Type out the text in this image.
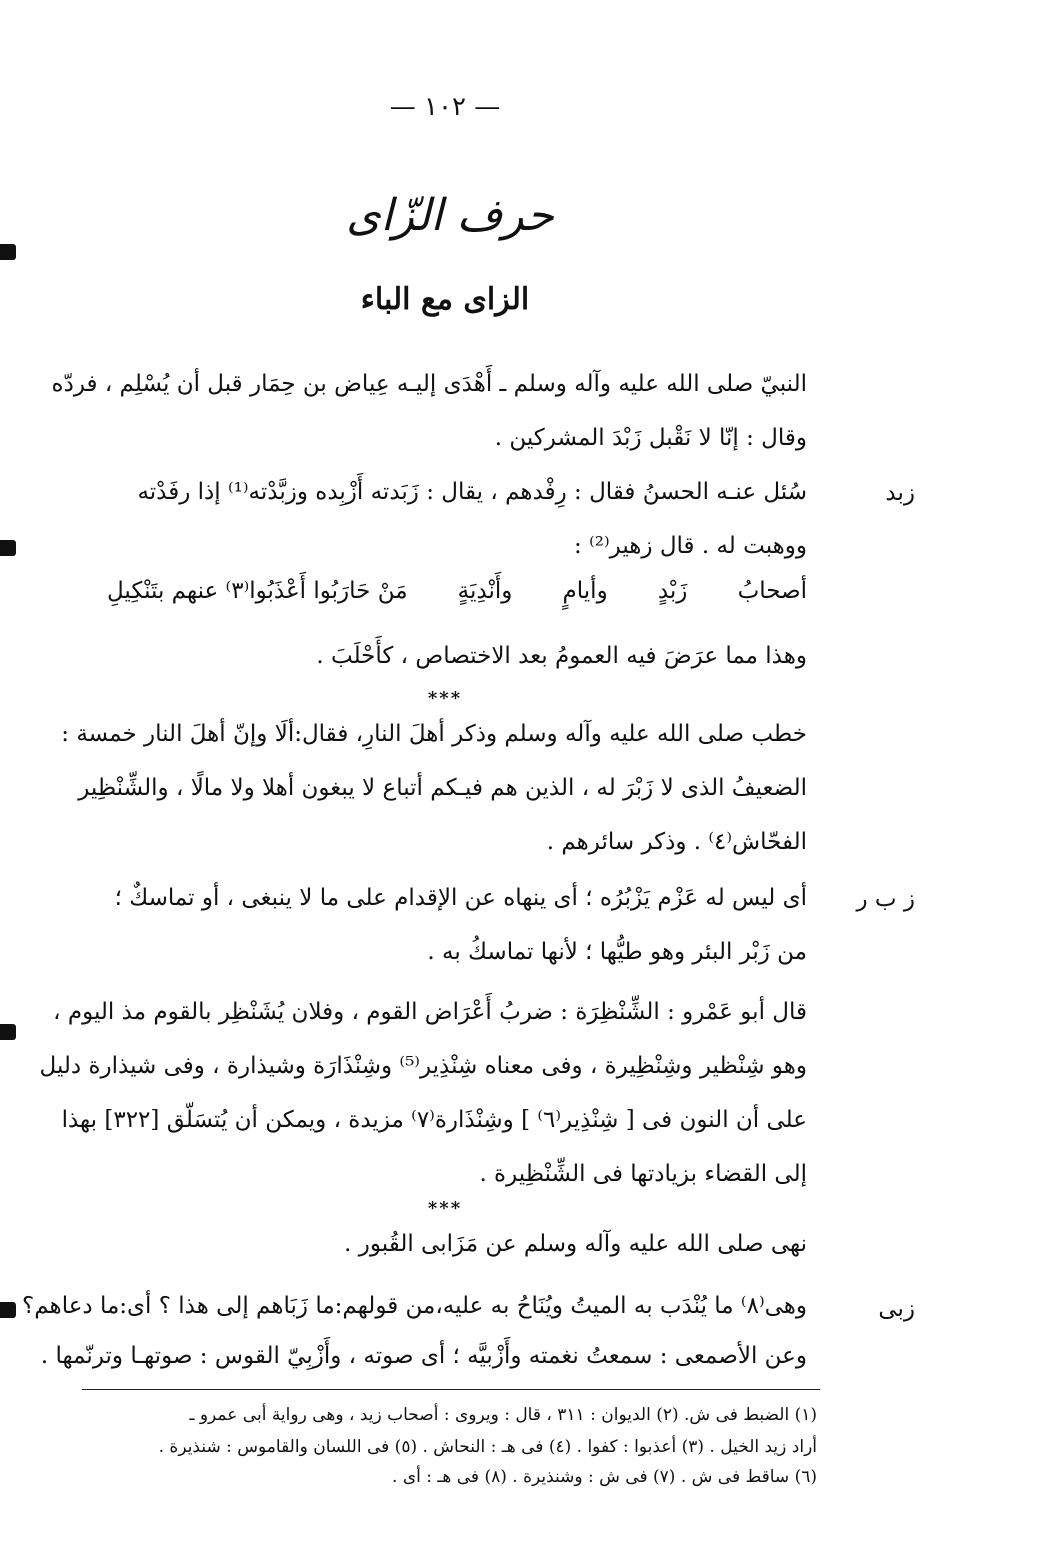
— ١٠٢ —
حرف الزّاى
الزاى مع الباء
النبيّ صلى الله عليه وآله وسلم ـ أَهْدَى إليـه عِياض بن حِمَار قبل أن يُسْلِم ، فردّه
وقال : إنّا لا نَقْبل زَبْدَ المشركين .
زبد
سُئل عنـه الحسنُ فقال : رِفْدهم ، يقال : زَبَدته أَزْبِده وزبَّدْته⁽¹⁾ إذا رفَدْته
ووهبت له . قال زهير⁽²⁾ :
أصحابُ
زَبْدٍ
وأيامٍ
وأَنْدِيَةٍ
مَنْ حَارَبُوا أَعْذَبُوا⁽٣⁾ عنهم بتَنْكِيلِ
وهذا مما عرَضَ فيه العمومُ بعد الاختصاص ، كأَحْلَبَ .
***
خطب صلى الله عليه وآله وسلم وذكر أهلَ النارِ، فقال:ألَا وإنّ أهلَ النار خمسة :
الضعيفُ الذى لا زَبْرَ له ، الذين هم فيـكم أتباع لا يبغون أهلا ولا مالًا ، والشِّنْظِير
الفحّاش⁽٤⁾ . وذكر سائرهم .
ز ب ر
أى ليس له عَزْم يَزْبُرُه ؛ أى ينهاه عن الإقدام على ما لا ينبغى ، أو تماسكٌ ؛
من زَبْر البئر وهو طيُّها ؛ لأنها تماسكُ به .
قال أبو عَمْرو : الشِّنْظِرَة : ضربُ أَعْرَاض القوم ، وفلان يُشَنْظِر بالقوم مذ اليوم ،
وهو شِنْظير وشِنْظِيرة ، وفى معناه شِنْذِير⁽⁵⁾ وشِنْذَارَة وشيذارة ، وفى شيذارة دليل
على أن النون فى [ شِنْذِير⁽٦⁾ ] وشِنْذَارة⁽٧⁾ مزيدة ، ويمكن أن يُتسَلّق [٣٢٢] بهذا
إلى القضاء بزيادتها فى الشِّنْظِيرة .
***
نهى صلى الله عليه وآله وسلم عن مَزَابى القُبور .
زبى
وهى⁽٨⁾ ما يُنْدَب به الميتُ ويُنَاحُ به عليه،من قولهم:ما زَبَاهم إلى هذا ؟ أى:ما دعاهم؟
وعن الأصمعى : سمعتُ نغمته وأَزْبيَّه ؛ أى صوته ، وأَزْبِيّ القوس : صوتهـا وترنّمها .
(١) الضبط فى ش. (٢) الديوان : ٣١١ ، قال : ويروى : أصحاب زيد ، وهى رواية أبى عمرو ـ
أراد زيد الخيل . (٣) أعذبوا : كفوا . (٤) فى هـ : النحاش . (٥) فى اللسان والقاموس : شنذيرة .
(٦) ساقط فى ش . (٧) فى ش : وشنذيرة . (٨) فى هـ : أى .
